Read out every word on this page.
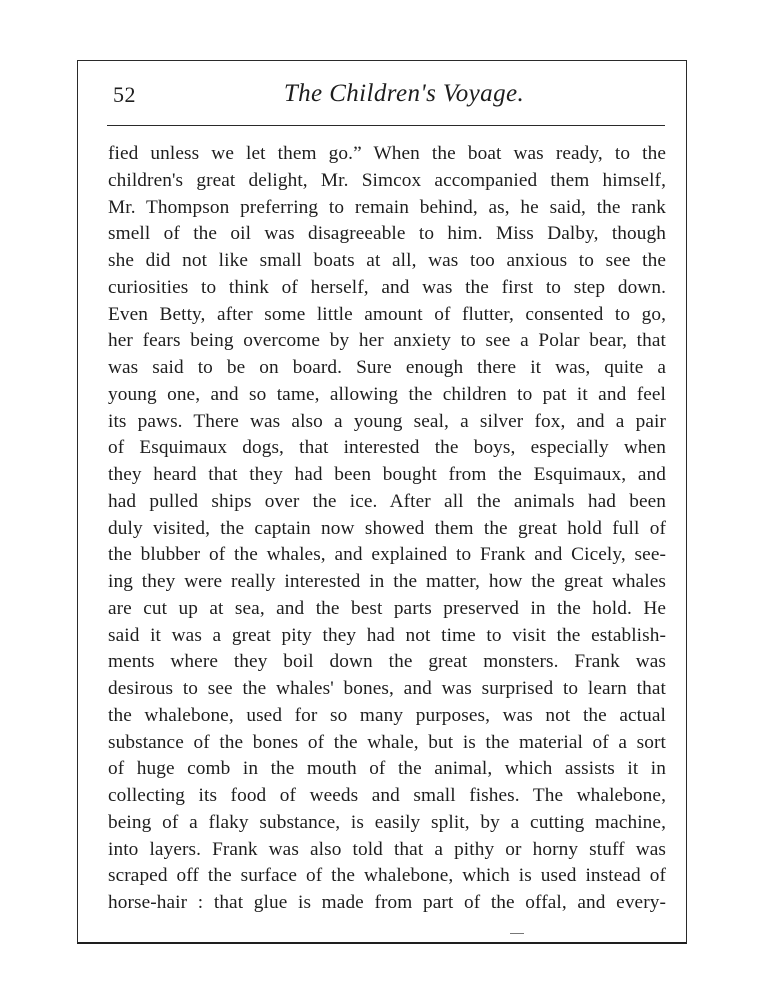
52	The Children's Voyage.
fied unless we let them go.” When the boat was ready, to the
children's great delight, Mr. Simcox accompanied them himself,
Mr. Thompson preferring to remain behind, as, he said, the rank
smell of the oil was disagreeable to him. Miss Dalby, though
she did not like small boats at all, was too anxious to see the
curiosities to think of herself, and was the first to step down.
Even Betty, after some little amount of flutter, consented to go,
her fears being overcome by her anxiety to see a Polar bear, that
was said to be on board. Sure enough there it was, quite a
young one, and so tame, allowing the children to pat it and feel
its paws. There was also a young seal, a silver fox, and a pair
of Esquimaux dogs, that interested the boys, especially when
they heard that they had been bought from the Esquimaux, and
had pulled ships over the ice. After all the animals had been
duly visited, the captain now showed them the great hold full of
the blubber of the whales, and explained to Frank and Cicely, see-
ing they were really interested in the matter, how the great whales
are cut up at sea, and the best parts preserved in the hold. He
said it was a great pity they had not time to visit the establish-
ments where they boil down the great monsters. Frank was
desirous to see the whales' bones, and was surprised to learn that
the whalebone, used for so many purposes, was not the actual
substance of the bones of the whale, but is the material of a sort
of huge comb in the mouth of the animal, which assists it in
collecting its food of weeds and small fishes. The whalebone,
being of a flaky substance, is easily split, by a cutting machine,
into layers. Frank was also told that a pithy or horny stuff was
scraped off the surface of the whalebone, which is used instead of
horse-hair : that glue is made from part of the offal, and every-
